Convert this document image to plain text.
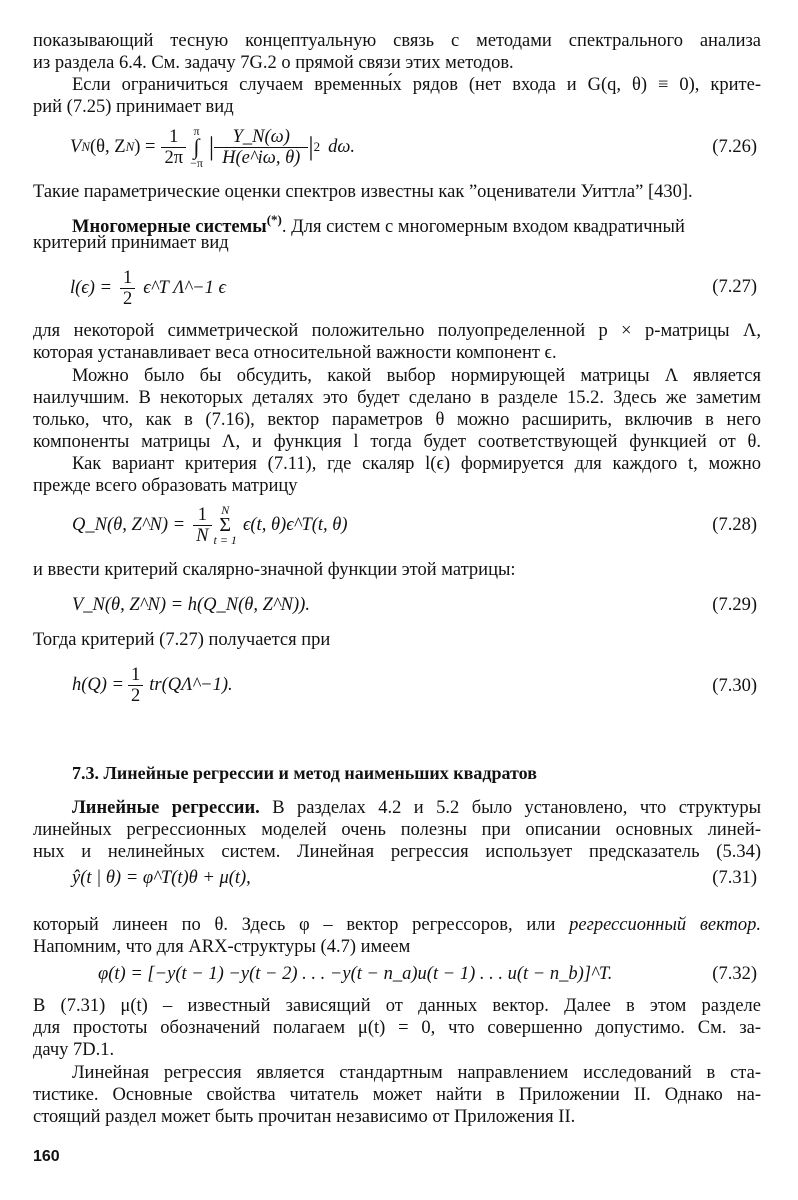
показывающий тесную концептуальную связь с методами спектрального анализа
из раздела 6.4. См. задачу 7G.2 о прямой связи этих методов.
Если ограничиться случаем временны́х рядов (нет входа и G(q, θ) ≡ 0), крите-
рий (7.25) принимает вид
V N (θ, Z N ) = $\frac{1}{2\pi}$ π
∫
−π
| $\frac{Y\_N(\omega)}{H(e\^{}i\omega, \theta)}$ | 2 dω.	(7.26)
Такие параметрические оценки спектров известны как ”оцениватели Уиттла” [430].
Многомерные системы(*). Для систем с многомерным входом квадратичный
критерий принимает вид
$l(\epsilon) = \frac{1}{2}$ ϵ^T Λ^−1 ϵ	(7.27)
для некоторой симметрической положительно полуопределенной p × p-матрицы Λ,
которая устанавливает веса относительной важности компонент ϵ.
Можно было бы обсудить, какой выбор нормирующей матрицы Λ является
наилучшим. В некоторых деталях это будет сделано в разделе 15.2. Здесь же заметим
только, что, как в (7.16), вектор параметров θ можно расширить, включив в него
компоненты матрицы Λ, и функция l тогда будет соответствующей функцией от θ.
Как вариант критерия (7.11), где скаляр l(ϵ) формируется для каждого t, можно
прежде всего образовать матрицу
Q_N(θ, Z^N) = $\frac{1}{N}$ N
Σ
t = 1
ϵ(t, θ)ϵ^T(t, θ)	(7.28)
и ввести критерий скалярно-значной функции этой матрицы:
V_N(θ, Z^N) = h(Q_N(θ, Z^N)).	(7.29)
Тогда критерий (7.27) получается при
$h(Q) = \frac{1}{2}$ tr(QΛ^−1).	(7.30)
7.3. Линейные регрессии и метод наименьших квадратов
Линейные регрессии. В разделах 4.2 и 5.2 было установлено, что структуры
линейных регрессионных моделей очень полезны при описании основных линей-
ных и нелинейных систем. Линейная регрессия использует предсказатель (5.34)
ŷ(t | θ) = φ^T(t)θ + μ(t),	(7.31)
который линеен по θ. Здесь φ – вектор регрессоров, или регрессионный вектор.
Напомним, что для ARX-структуры (4.7) имеем
φ(t) = [−y(t − 1) −y(t − 2) . . . −y(t − n_a)u(t − 1) . . . u(t − n_b)]^T.	(7.32)
В (7.31) μ(t) – известный зависящий от данных вектор. Далее в этом разделе
для простоты обозначений полагаем μ(t) = 0, что совершенно допустимо. См. за-
дачу 7D.1.
Линейная регрессия является стандартным направлением исследований в ста-
тистике. Основные свойства читатель может найти в Приложении II. Однако на-
стоящий раздел может быть прочитан независимо от Приложения II.
160
